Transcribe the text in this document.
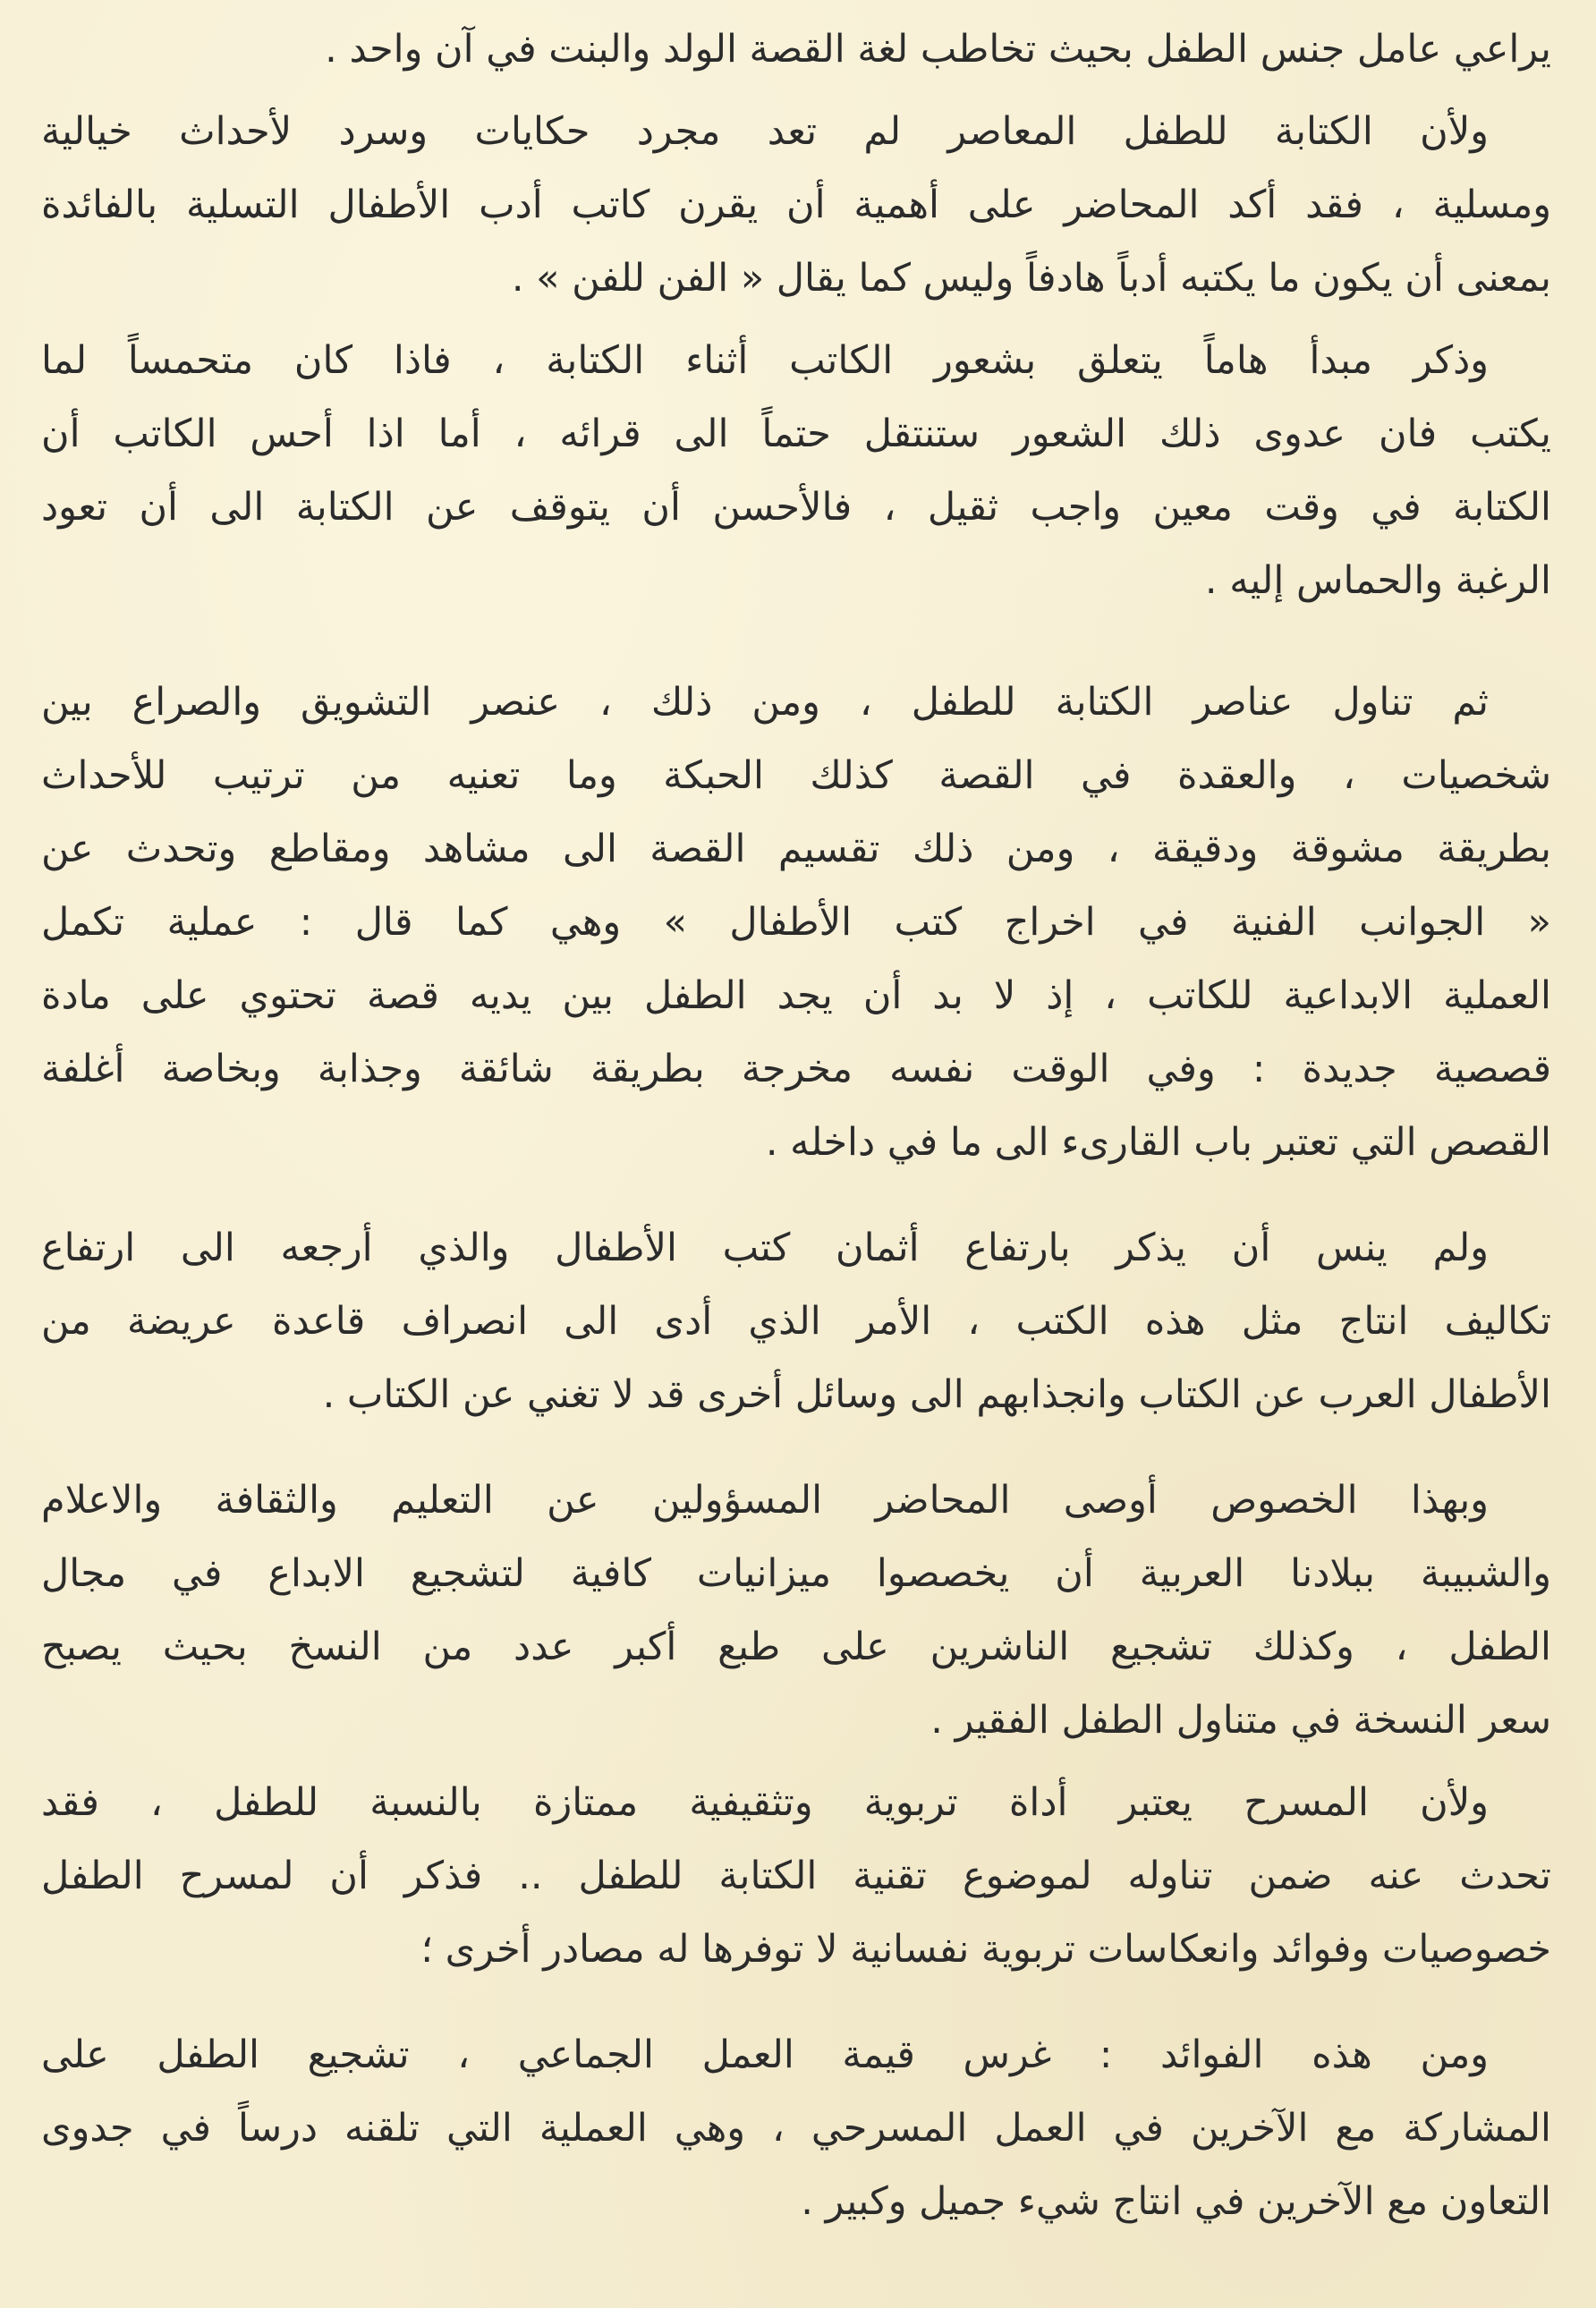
يراعي عامل جنس الطفل بحيث تخاطب لغة القصة الولد والبنت في آن واحد .

ولأن الكتابة للطفل المعاصر لم تعد مجرد حكايات وسرد لأحداث خيالية
ومسلية ، فقد أكد المحاضر على أهمية أن يقرن كاتب أدب الأطفال التسلية بالفائدة
بمعنى أن يكون ما يكتبه أدباً هادفاً وليس كما يقال « الفن للفن » .

وذكر مبدأ هاماً يتعلق بشعور الكاتب أثناء الكتابة ، فاذا كان متحمساً لما
يكتب فان عدوى ذلك الشعور ستنتقل حتماً الى قرائه ، أما اذا أحس الكاتب أن
الكتابة في وقت معين واجب ثقيل ، فالأحسن أن يتوقف عن الكتابة الى أن تعود
الرغبة والحماس إليه .

ثم تناول عناصر الكتابة للطفل ، ومن ذلك ، عنصر التشويق والصراع بين
شخصيات ، والعقدة في القصة كذلك الحبكة وما تعنيه من ترتيب للأحداث
بطريقة مشوقة ودقيقة ، ومن ذلك تقسيم القصة الى مشاهد ومقاطع وتحدث عن
« الجوانب الفنية في اخراج كتب الأطفال » وهي كما قال : عملية تكمل
العملية الابداعية للكاتب ، إذ لا بد أن يجد الطفل بين يديه قصة تحتوي على مادة
قصصية جديدة : وفي الوقت نفسه مخرجة بطريقة شائقة وجذابة وبخاصة أغلفة
القصص التي تعتبر باب القارىء الى ما في داخله .

ولم ينس أن يذكر بارتفاع أثمان كتب الأطفال والذي أرجعه الى ارتفاع
تكاليف انتاج مثل هذه الكتب ، الأمر الذي أدى الى انصراف قاعدة عريضة من
الأطفال العرب عن الكتاب وانجذابهم الى وسائل أخرى قد لا تغني عن الكتاب .

وبهذا الخصوص أوصى المحاضر المسؤولين عن التعليم والثقافة والاعلام
والشبيبة ببلادنا العربية أن يخصصوا ميزانيات كافية لتشجيع الابداع في مجال
الطفل ، وكذلك تشجيع الناشرين على طبع أكبر عدد من النسخ بحيث يصبح
سعر النسخة في متناول الطفل الفقير .

ولأن المسرح يعتبر أداة تربوية وتثقيفية ممتازة بالنسبة للطفل ، فقد
تحدث عنه ضمن تناوله لموضوع تقنية الكتابة للطفل .. فذكر أن لمسرح الطفل
خصوصيات وفوائد وانعكاسات تربوية نفسانية لا توفرها له مصادر أخرى ؛

ومن هذه الفوائد : غرس قيمة العمل الجماعي ، تشجيع الطفل على
المشاركة مع الآخرين في العمل المسرحي ، وهي العملية التي تلقنه درساً في جدوى
التعاون مع الآخرين في انتاج شيء جميل وكبير .
